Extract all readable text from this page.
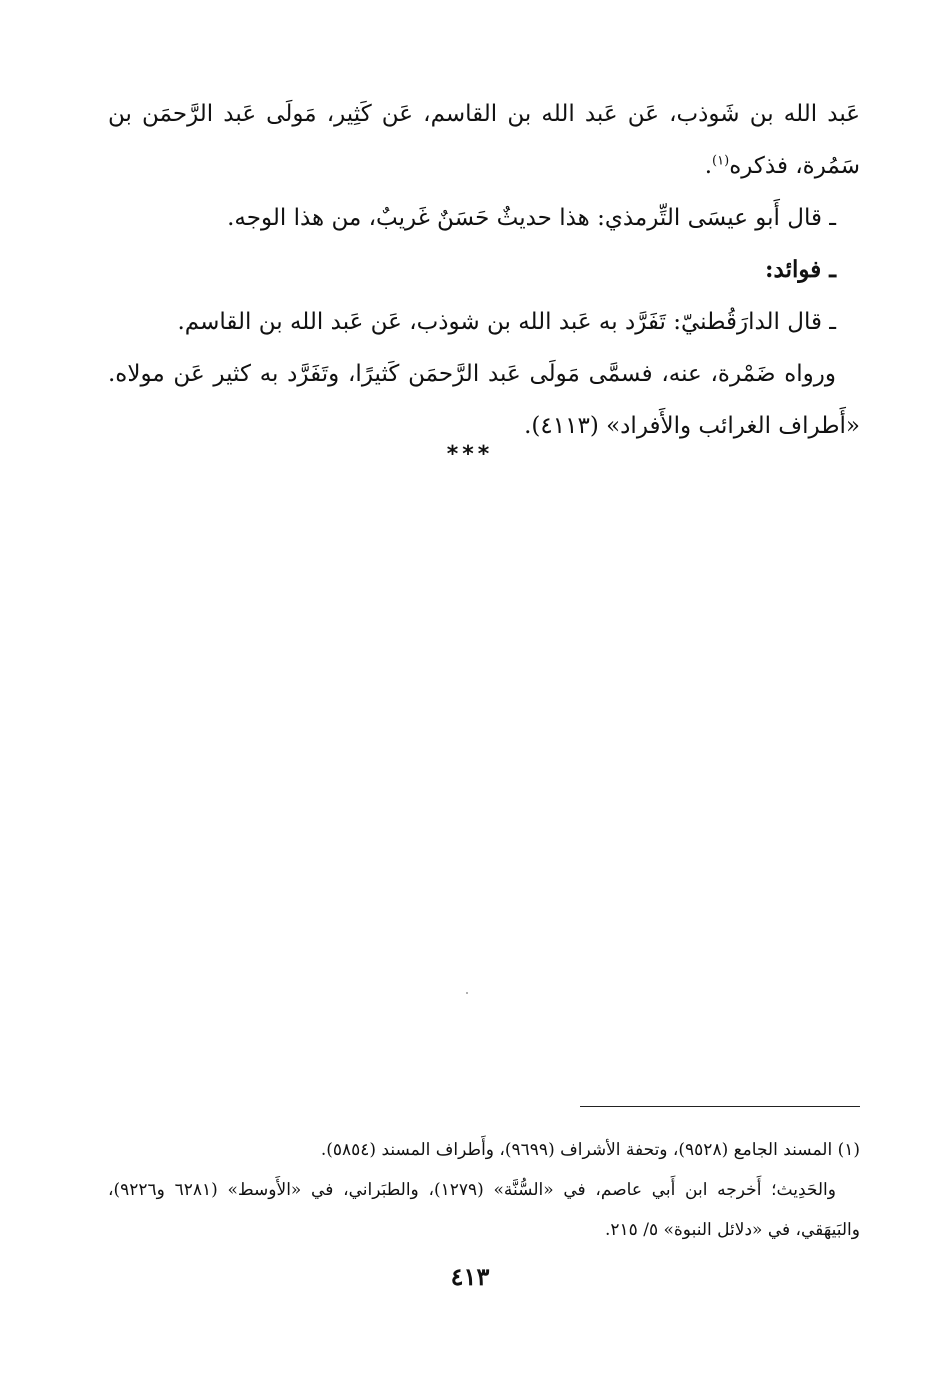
عَبد الله بن شَوذب، عَن عَبد الله بن القاسم، عَن كَثِير، مَولَى عَبد الرَّحمَن بن سَمُرة، فذكره$^{(١)}$.

ـ قال أَبو عيسَى التِّرمذي: هذا حديثٌ حَسَنٌ غَريبٌ، من هذا الوجه.

ـ فوائد:

ـ قال الدارَقُطنيّ: تَفَرَّد به عَبد الله بن شوذب، عَن عَبد الله بن القاسم.

ورواه ضَمْرة، عنه، فسمَّى مَولَى عَبد الرَّحمَن كَثيرًا، وتَفَرَّد به كثير عَن مولاه. «أَطراف الغرائب والأَفراد» (٤١١٣).

***

(١) المسند الجامع (٩٥٢٨)، وتحفة الأشراف (٩٦٩٩)، وأَطراف المسند (٥٨٥٤).

والحَدِيث؛ أَخرجه ابن أَبي عاصم، في «السُّنَّة» (١٢٧٩)، والطبَراني، في «الأَوسط» (٦٢٨١ و٩٢٢٦)، والبَيهَقي، في «دلائل النبوة» ٥/ ٢١٥.

٤١٣
